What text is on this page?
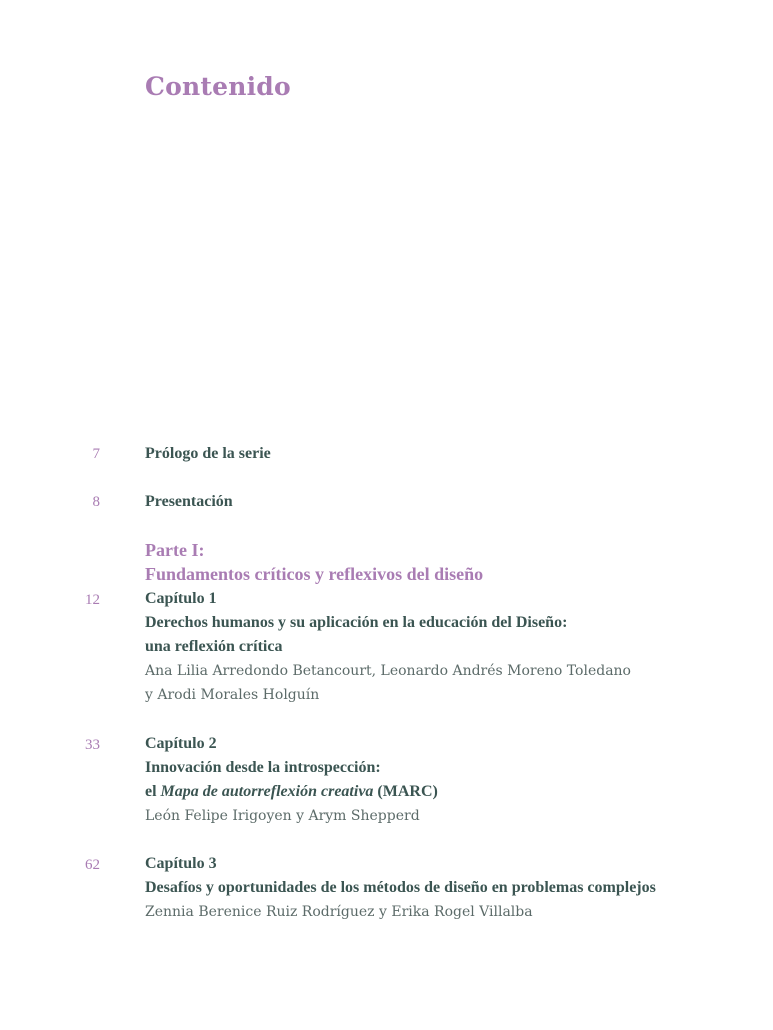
Contenido
7	Prólogo de la serie
8	Presentación
Parte I:
Fundamentos críticos y reflexivos del diseño
12	Capítulo 1
Derechos humanos y su aplicación en la educación del Diseño:
una reflexión crítica
Ana Lilia Arredondo Betancourt, Leonardo Andrés Moreno Toledano
y Arodi Morales Holguín
33	Capítulo 2
Innovación desde la introspección:
el Mapa de autorreflexión creativa (MARC)
León Felipe Irigoyen y Arym Shepperd
62	Capítulo 3
Desafíos y oportunidades de los métodos de diseño en problemas complejos
Zennia Berenice Ruiz Rodríguez y Erika Rogel Villalba
